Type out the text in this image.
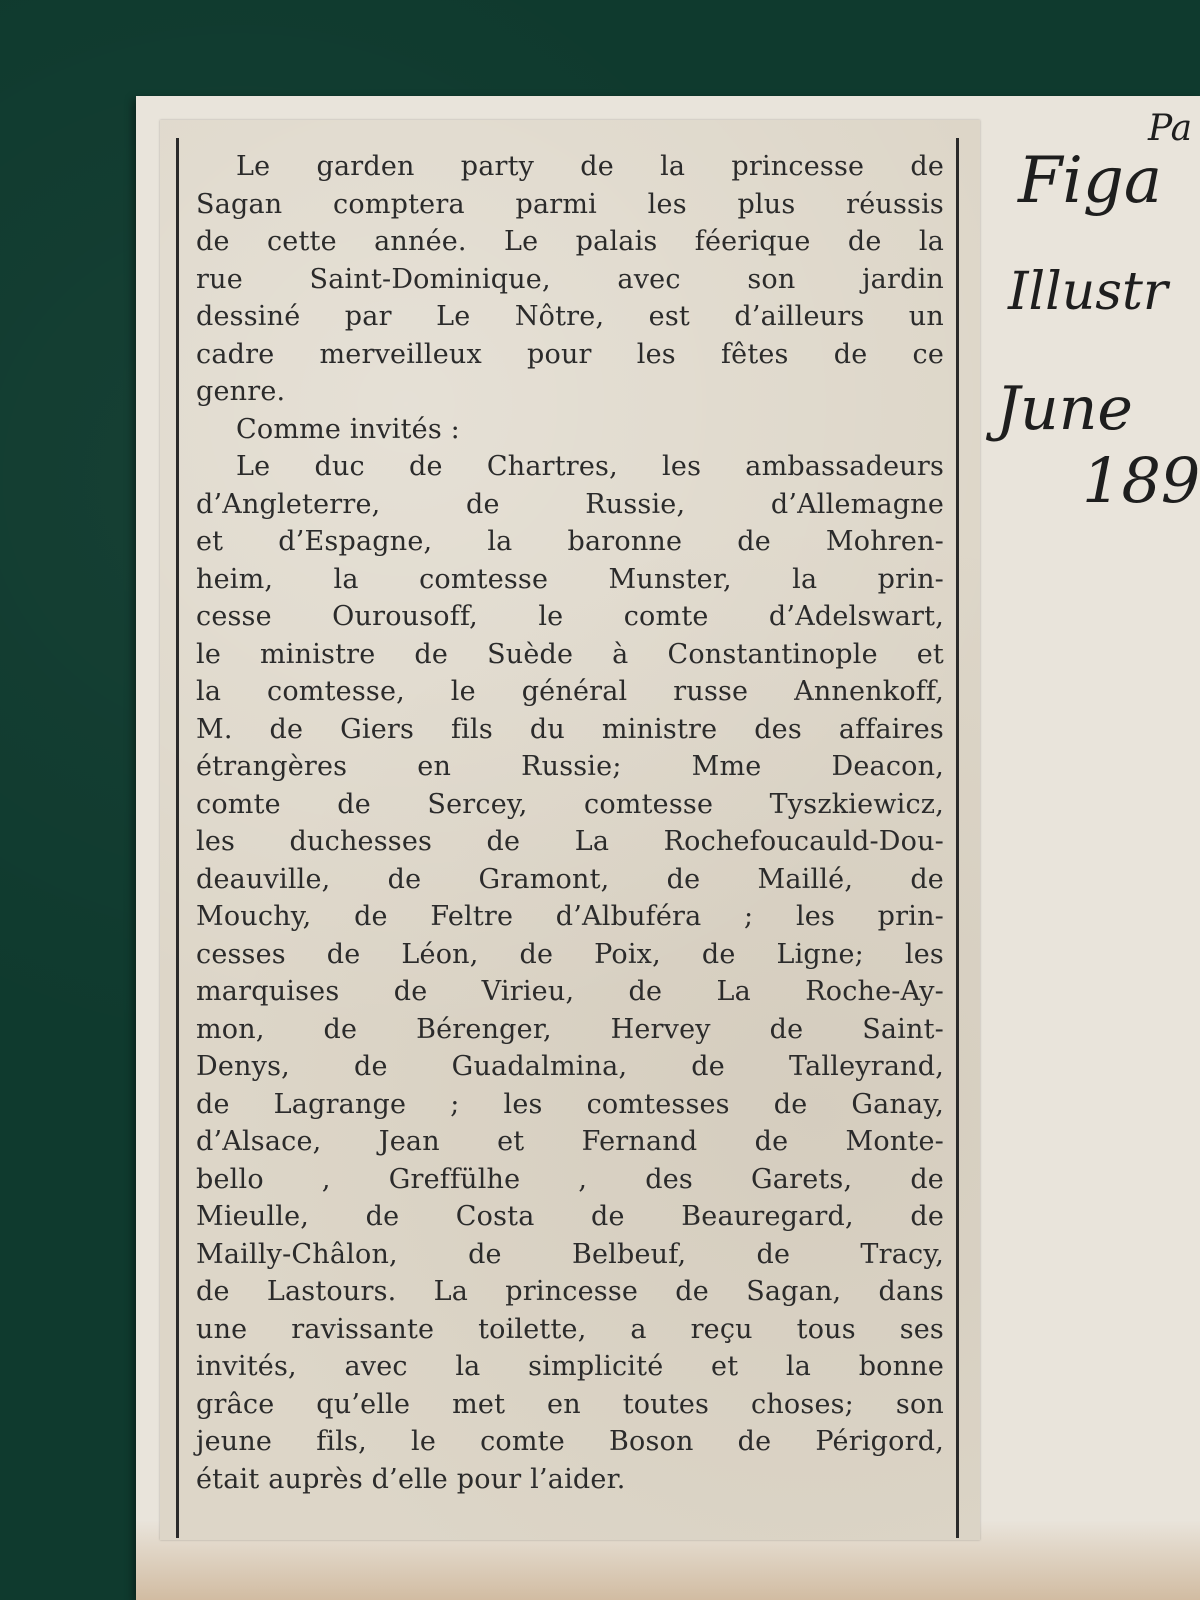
Le garden party de la princesse de
Sagan comptera parmi les plus réussis
de cette année. Le palais féerique de la
rue Saint-Dominique, avec son jardin
dessiné par Le Nôtre, est d’ailleurs un
cadre merveilleux pour les fêtes de ce
genre.
Comme invités :
Le duc de Chartres, les ambassadeurs
d’Angleterre, de Russie, d’Allemagne
et d’Espagne, la baronne de Mohren-
heim, la comtesse Munster, la prin-
cesse Ourousoff, le comte d’Adelswart,
le ministre de Suède à Constantinople et
la comtesse, le général russe Annenkoff,
M. de Giers fils du ministre des affaires
étrangères en Russie; Mme Deacon,
comte de Sercey, comtesse Tyszkiewicz,
les duchesses de La Rochefoucauld-Dou-
deauville, de Gramont, de Maillé, de
Mouchy, de Feltre d’Albuféra ; les prin-
cesses de Léon, de Poix, de Ligne; les
marquises de Virieu, de La Roche-Ay-
mon, de Bérenger, Hervey de Saint-
Denys, de Guadalmina, de Talleyrand,
de Lagrange ; les comtesses de Ganay,
d’Alsace, Jean et Fernand de Monte-
bello , Greffülhe , des Garets, de
Mieulle, de Costa de Beauregard, de
Mailly-Châlon, de Belbeuf, de Tracy,
de Lastours. La princesse de Sagan, dans
une ravissante toilette, a reçu tous ses
invités, avec la simplicité et la bonne
grâce qu’elle met en toutes choses; son
jeune fils, le comte Boson de Périgord,
était auprès d’elle pour l’aider.
Pa
Figa
Illustr
June
189
